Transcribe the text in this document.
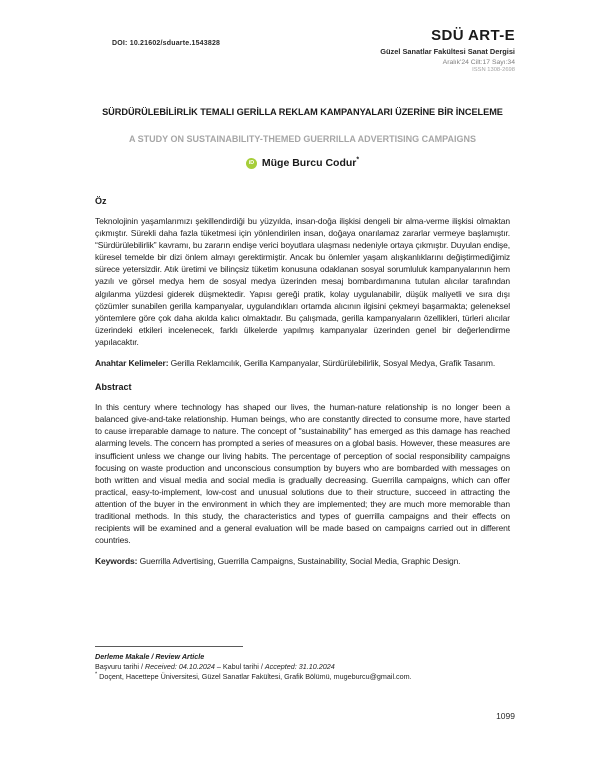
DOI: 10.21602/sduarte.1543828	SDÜ ART-E
Güzel Sanatlar Fakültesi Sanat Dergisi
Aralık'24 Cilt:17 Sayı:34
ISSN 1308-2698
SÜRDÜRÜLEBİLİRLİK TEMALI GERİLLA REKLAM KAMPANYALARI ÜZERİNE BİR İNCELEME
A STUDY ON SUSTAINABILITY-THEMED GUERRILLA ADVERTISING CAMPAIGNS
iD Müge Burcu Codur*
Öz

Teknolojinin yaşamlarımızı şekillendirdiği bu yüzyılda, insan-doğa ilişkisi dengeli bir alma-verme ilişkisi olmaktan çıkmıştır. Sürekli daha fazla tüketmesi için yönlendirilen insan, doğaya onarılamaz zararlar vermeye başlamıştır. “Sürdürülebilirlik” kavramı, bu zararın endişe verici boyutlara ulaşması nedeniyle ortaya çıkmıştır. Duyulan endişe, küresel temelde bir dizi önlem almayı gerektirmiştir. Ancak bu önlemler yaşam alışkanlıklarını değiştirmediğimiz sürece yetersizdir. Atık üretimi ve bilinçsiz tüketim konusuna odaklanan sosyal sorumluluk kampanyalarının hem yazılı ve görsel medya hem de sosyal medya üzerinden mesaj bombardımanına tutulan alıcılar tarafından algılanma yüzdesi giderek düşmektedir. Yapısı gereği pratik, kolay uygulanabilir, düşük maliyetli ve sıra dışı çözümler sunabilen gerilla kampanyalar, uygulandıkları ortamda alıcının ilgisini çekmeyi başarmakta; geleneksel yöntemlere göre çok daha akılda kalıcı olmaktadır. Bu çalışmada, gerilla kampanyaların özellikleri, türleri alıcılar üzerindeki etkileri incelenecek, farklı ülkelerde yapılmış kampanyalar üzerinden genel bir değerlendirme yapılacaktır.

Anahtar Kelimeler: Gerilla Reklamcılık, Gerilla Kampanyalar, Sürdürülebilirlik, Sosyal Medya, Grafik Tasarım.

Abstract

In this century where technology has shaped our lives, the human-nature relationship is no longer been a balanced give-and-take relationship. Human beings, who are constantly directed to consume more, have started to cause irreparable damage to nature. The concept of "sustainability" has emerged as this damage has reached alarming levels. The concern has prompted a series of measures on a global basis. However, these measures are insufficient unless we change our living habits. The percentage of perception of social responsibility campaigns focusing on waste production and unconscious consumption by buyers who are bombarded with messages on both written and visual media and social media is gradually decreasing. Guerrilla campaigns, which can offer practical, easy-to-implement, low-cost and unusual solutions due to their structure, succeed in attracting the attention of the buyer in the environment in which they are implemented; they are much more memorable than traditional methods. In this study, the characteristics and types of guerrilla campaigns and their effects on recipients will be examined and a general evaluation will be made based on campaigns carried out in different countries.

Keywords: Guerrilla Advertising, Guerrilla Campaigns, Sustainability, Social Media, Graphic Design.

Derleme Makale / Review Article
Başvuru tarihi / Received: 04.10.2024 – Kabul tarihi / Accepted: 31.10.2024
* Doçent, Hacettepe Üniversitesi, Güzel Sanatlar Fakültesi, Grafik Bölümü, mugeburcu@gmail.com.
1099
